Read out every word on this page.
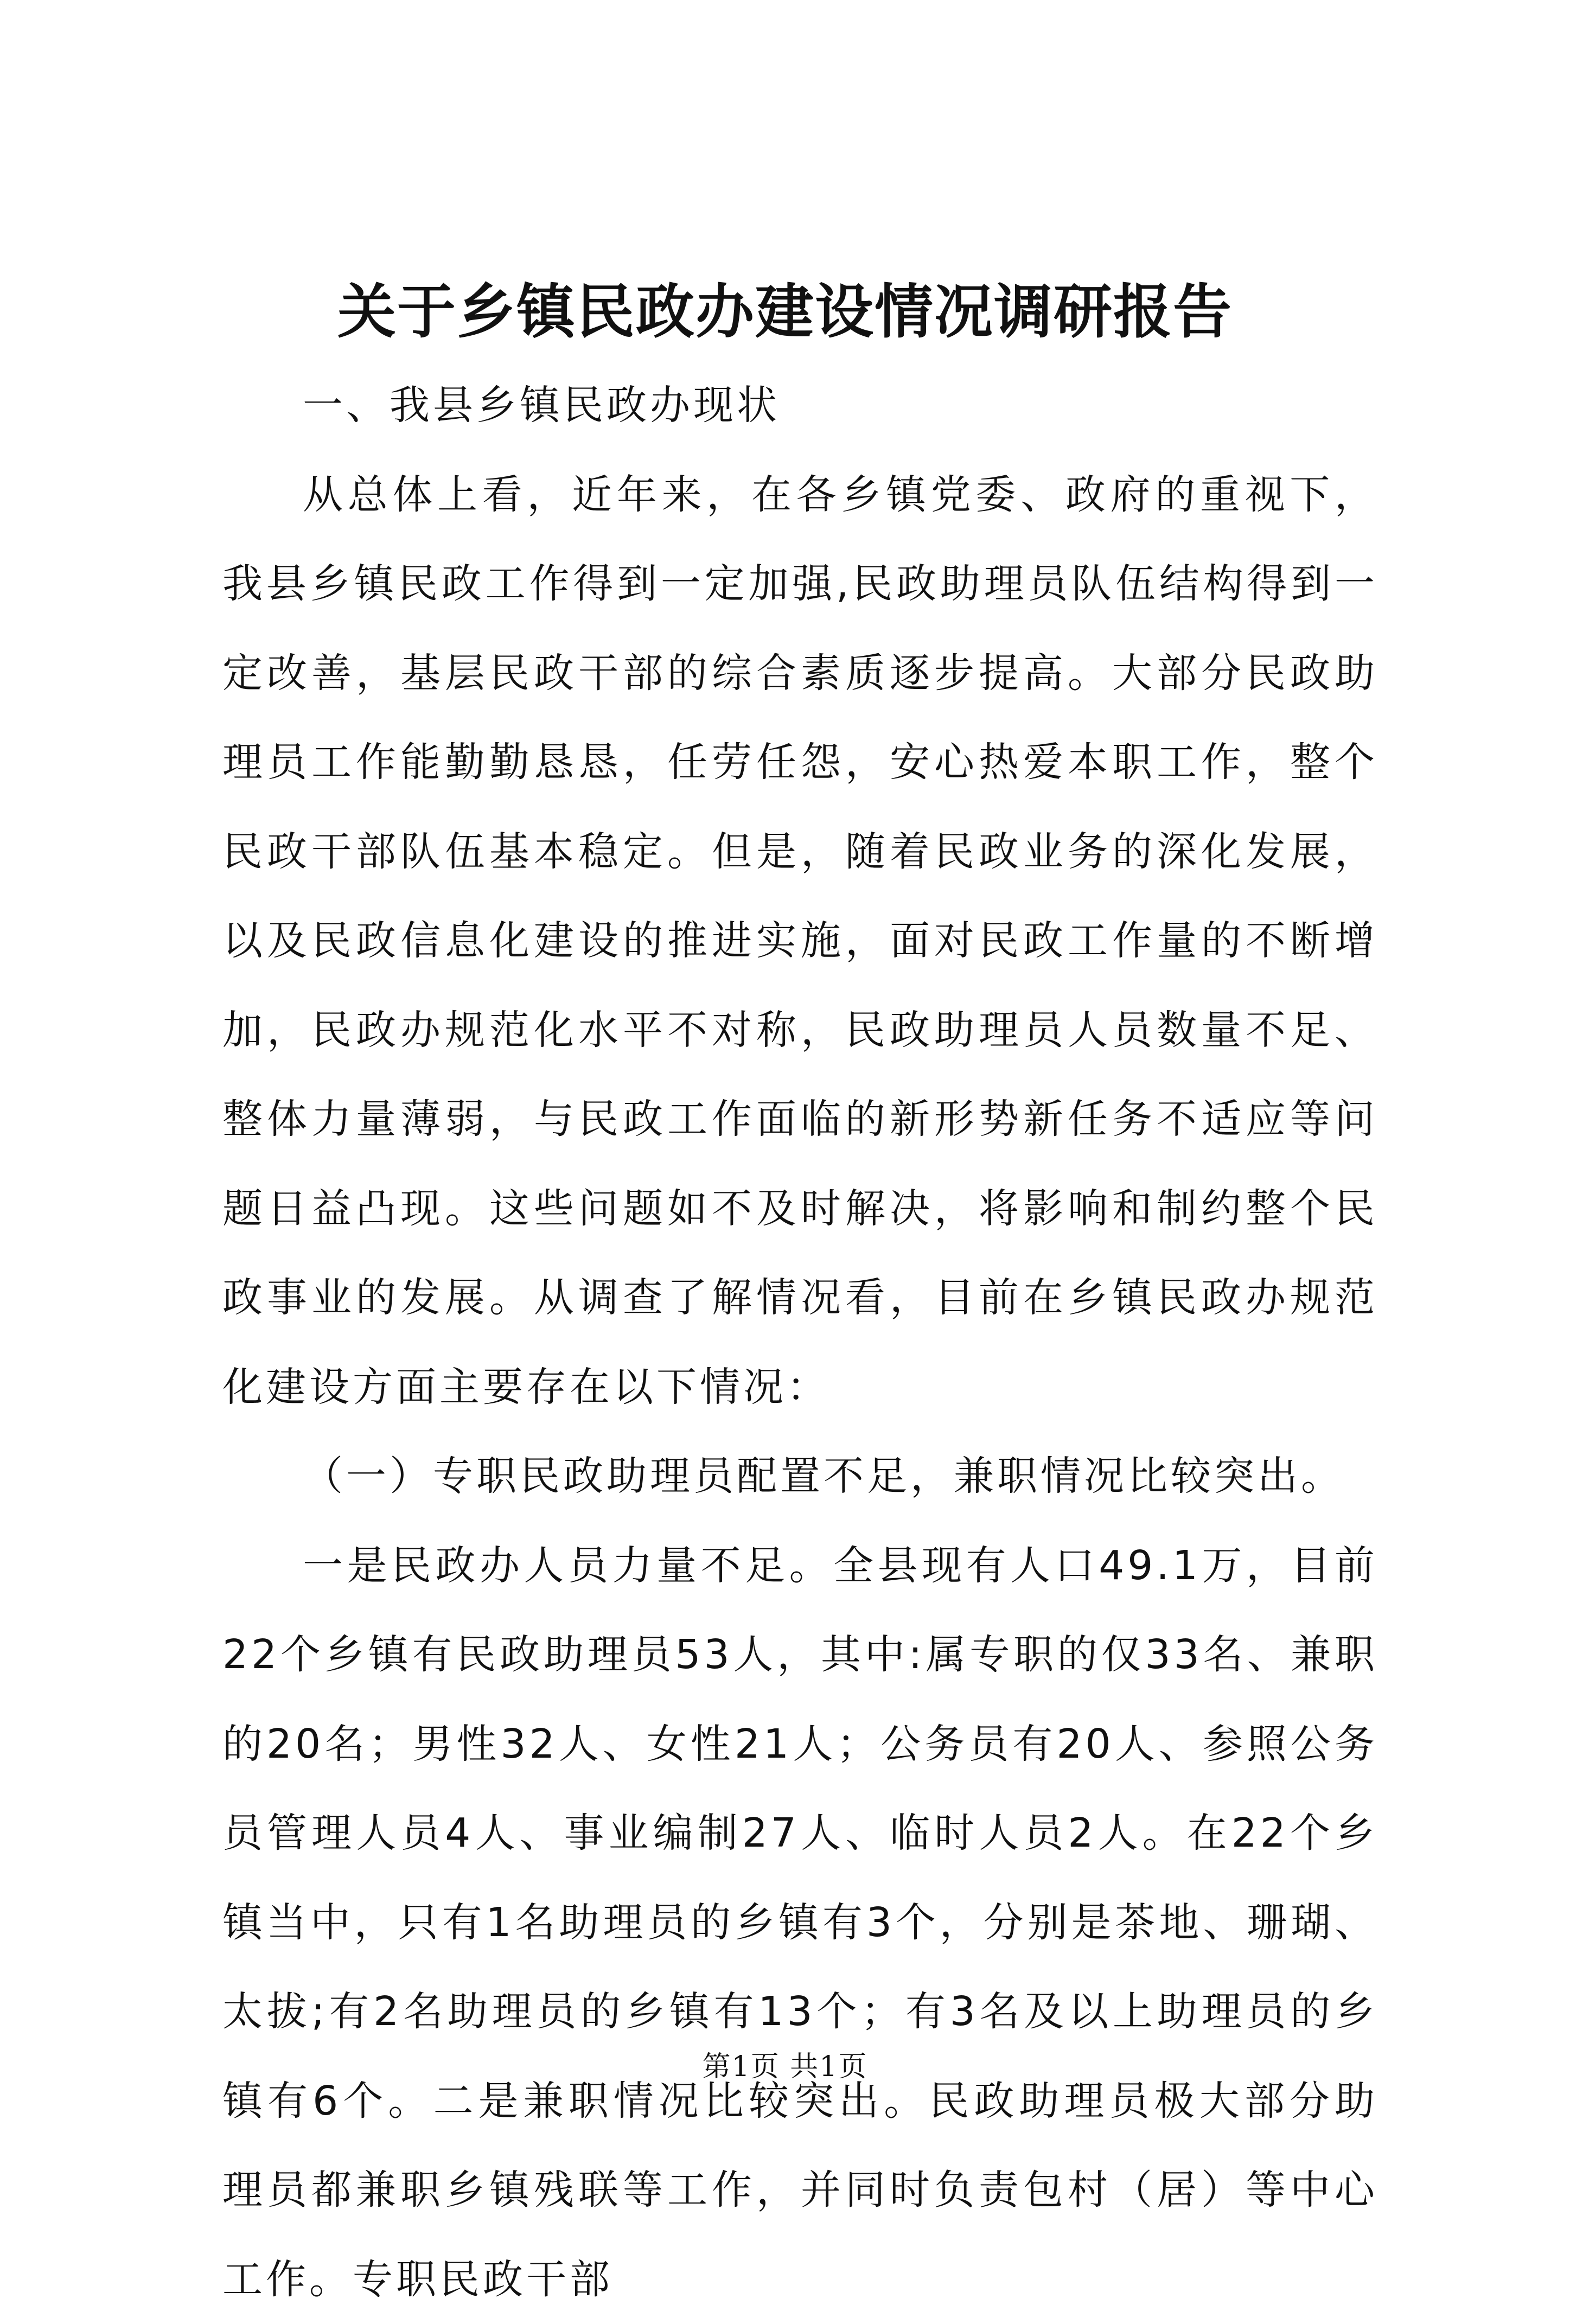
关于乡镇民政办建设情况调研报告

一、我县乡镇民政办现状

从总体上看，近年来，在各乡镇党委、政府的重视下，我县乡镇民政工作得到一定加强,民政助理员队伍结构得到一定改善，基层民政干部的综合素质逐步提高。大部分民政助理员工作能勤勤恳恳，任劳任怨，安心热爱本职工作，整个民政干部队伍基本稳定。但是，随着民政业务的深化发展，以及民政信息化建设的推进实施，面对民政工作量的不断增加，民政办规范化水平不对称，民政助理员人员数量不足、整体力量薄弱，与民政工作面临的新形势新任务不适应等问题日益凸现。这些问题如不及时解决，将影响和制约整个民政事业的发展。从调查了解情况看，目前在乡镇民政办规范化建设方面主要存在以下情况：

（一）专职民政助理员配置不足，兼职情况比较突出。

一是民政办人员力量不足。全县现有人口49.1万，目前22个乡镇有民政助理员53人，其中:属专职的仅33名、兼职的20名；男性32人、女性21人；公务员有20人、参照公务员管理人员4人、事业编制27人、临时人员2人。在22个乡镇当中，只有1名助理员的乡镇有3个，分别是茶地、珊瑚、太拔;有2名助理员的乡镇有13个；有3名及以上助理员的乡镇有6个。二是兼职情况比较突出。民政助理员极大部分助理员都兼职乡镇残联等工作，并同时负责包村（居）等中心工作。专职民政干部

第1页 共1页
